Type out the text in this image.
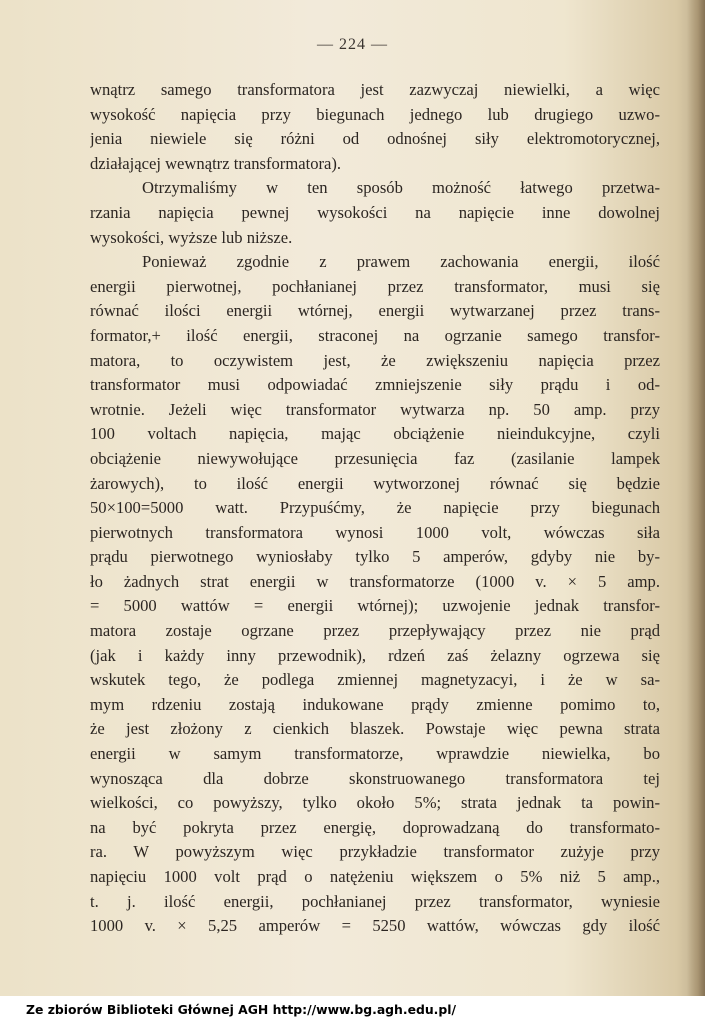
— 224 —
wnątrz samego transformatora jest zazwyczaj niewielki, a więc
wysokość napięcia przy biegunach jednego lub drugiego uzwo-
jenia niewiele się różni od odnośnej siły elektromotorycznej,
działającej wewnątrz transformatora).
Otrzymaliśmy w ten sposób możność łatwego przetwa-
rzania napięcia pewnej wysokości na napięcie inne dowolnej
wysokości, wyższe lub niższe.
Ponieważ zgodnie z prawem zachowania energii, ilość
energii pierwotnej, pochłanianej przez transformator, musi się
równać ilości energii wtórnej, energii wytwarzanej przez trans-
formator,+ ilość energii, straconej na ogrzanie samego transfor-
matora, to oczywistem jest, że zwiększeniu napięcia przez
transformator musi odpowiadać zmniejszenie siły prądu i od-
wrotnie. Jeżeli więc transformator wytwarza np. 50 amp. przy
100 voltach napięcia, mając obciążenie nieindukcyjne, czyli
obciążenie niewywołujące przesunięcia faz (zasilanie lampek
żarowych), to ilość energii wytworzonej równać się będzie
50×100=5000 watt. Przypuśćmy, że napięcie przy biegunach
pierwotnych transformatora wynosi 1000 volt, wówczas siła
prądu pierwotnego wyniosłaby tylko 5 amperów, gdyby nie by-
ło żadnych strat energii w transformatorze (1000 v. × 5 amp.
= 5000 wattów = energii wtórnej); uzwojenie jednak transfor-
matora zostaje ogrzane przez przepływający przez nie prąd
(jak i każdy inny przewodnik), rdzeń zaś żelazny ogrzewa się
wskutek tego, że podlega zmiennej magnetyzacyi, i że w sa-
mym rdzeniu zostają indukowane prądy zmienne pomimo to,
że jest złożony z cienkich blaszek. Powstaje więc pewna strata
energii w samym transformatorze, wprawdzie niewielka, bo
wynosząca dla dobrze skonstruowanego transformatora tej
wielkości, co powyższy, tylko około 5%; strata jednak ta powin-
na być pokryta przez energię, doprowadzaną do transformato-
ra. W powyższym więc przykładzie transformator zużyje przy
napięciu 1000 volt prąd o natężeniu większem o 5% niż 5 amp.,
t. j. ilość energii, pochłanianej przez transformator, wyniesie
1000 v. × 5,25 amperów = 5250 wattów, wówczas gdy ilość
Ze zbiorów Biblioteki Głównej AGH http://www.bg.agh.edu.pl/
